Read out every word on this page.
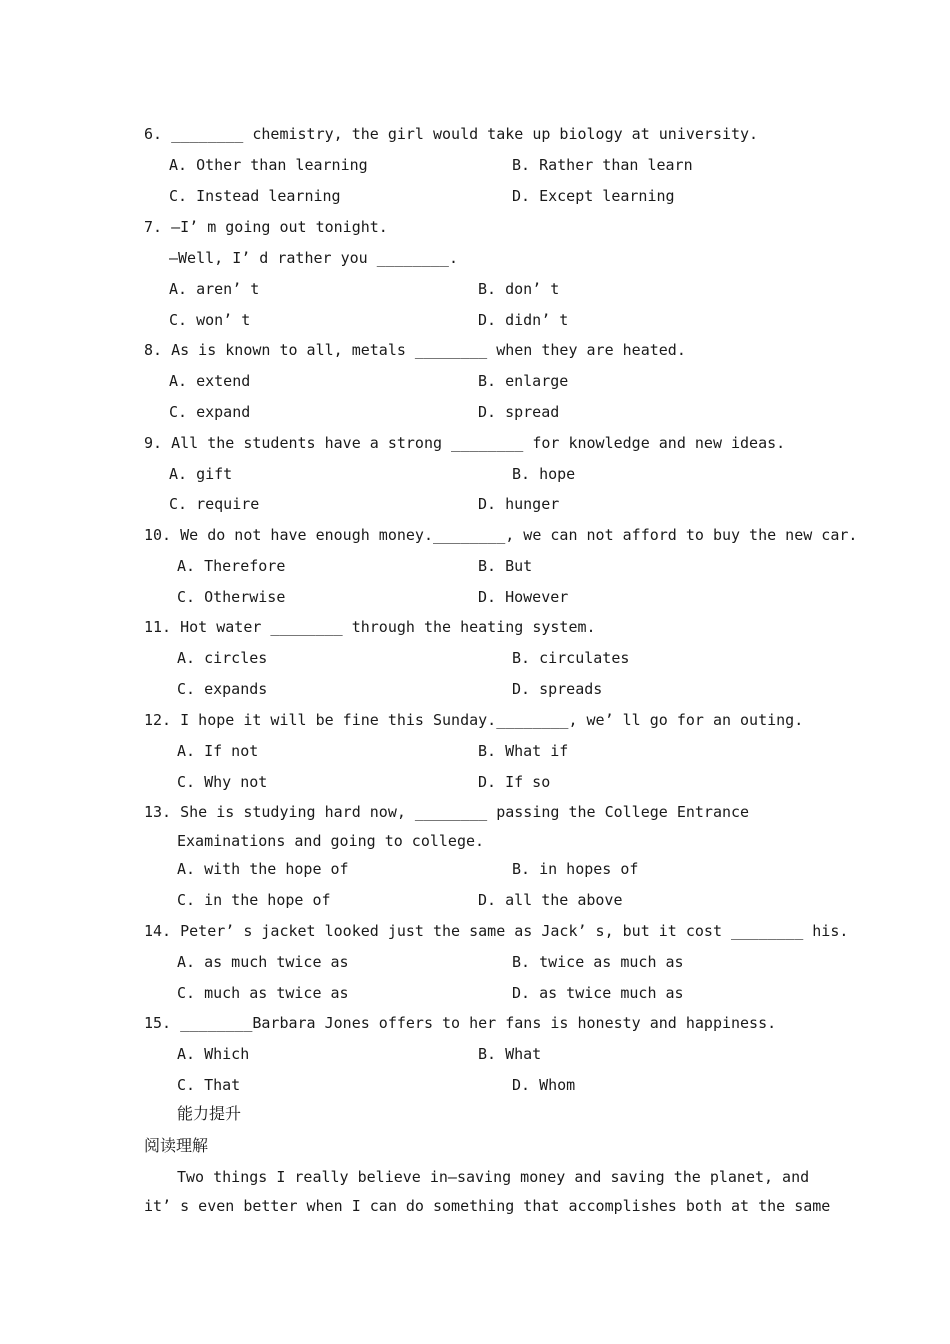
6. ________ chemistry, the girl would take up biology at university.
A. Other than learning	B. Rather than learn
C. Instead learning	D. Except learning
7. —I’ m going out tonight.
—Well, I’ d rather you ________.
A. aren’ t	B. don’ t
C. won’ t	D. didn’ t
8. As is known to all, metals ________ when they are heated.
A. extend	B. enlarge
C. expand	D. spread
9. All the students have a strong ________ for knowledge and new ideas.
A. gift	B. hope
C. require	D. hunger
10. We do not have enough money.________, we can not afford to buy the new car.
A. Therefore	B. But
C. Otherwise	D. However
11. Hot water ________ through the heating system.
A. circles	B. circulates
C. expands	D. spreads
12. I hope it will be fine this Sunday.________, we’ ll go for an outing.
A. If not	B. What if
C. Why not	D. If so
13. She is studying hard now, ________ passing the College Entrance
Examinations and going to college.
A. with the hope of	B. in hopes of
C. in the hope of	D. all the above
14. Peter’ s jacket looked just the same as Jack’ s, but it cost ________ his.
A. as much twice as	B. twice as much as
C. much as twice as	D. as twice much as
15. ________Barbara Jones offers to her fans is honesty and happiness.
A. Which	B. What
C. That	D. Whom
能力提升
阅读理解
Two things I really believe in—saving money and saving the planet, and
it’ s even better when I can do something that accomplishes both at the same
